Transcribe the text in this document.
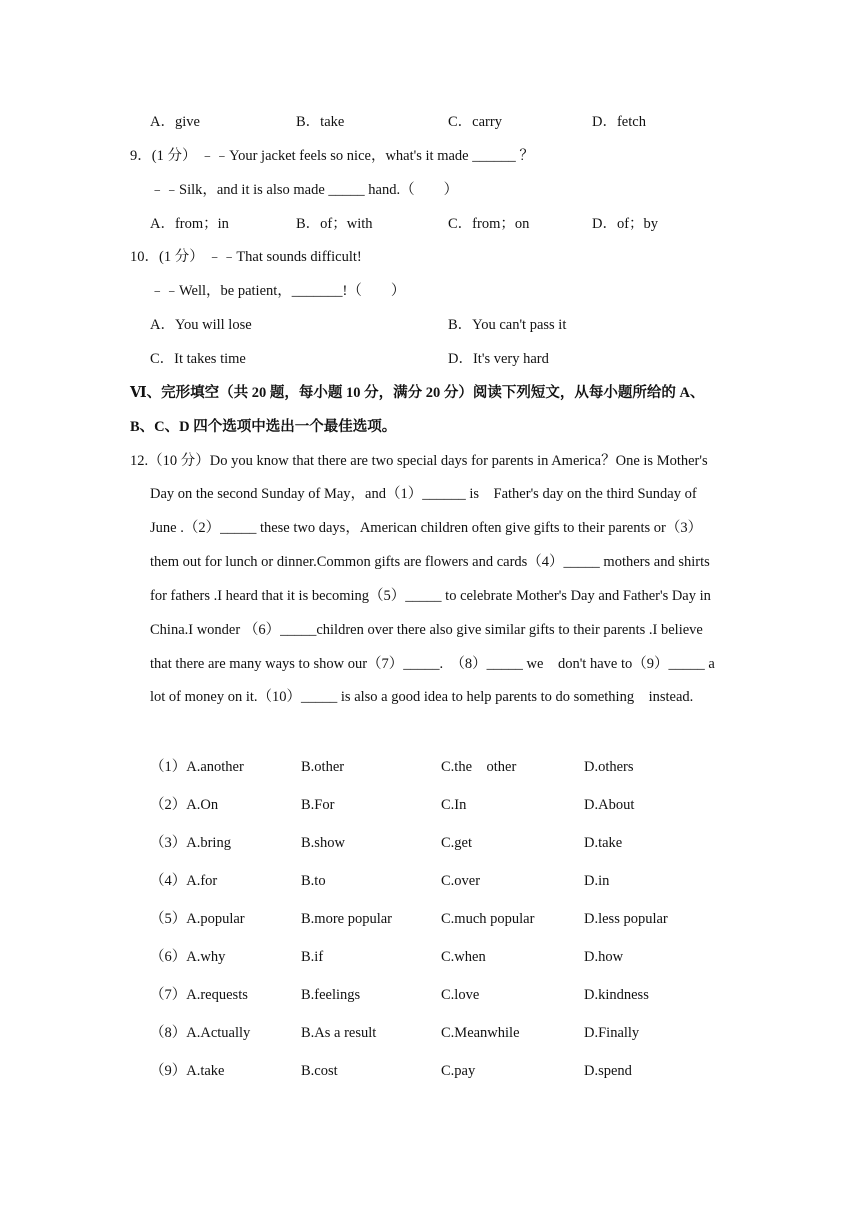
A．give	B．take	C．carry	D．fetch
9．(1 分） ﹣﹣Your jacket feels so nice，what's it made ______ ？
﹣﹣Silk，and it is also made _____ hand.（　　）
A．from；in	B．of；with	C．from；on	D．of；by
10．(1 分） ﹣﹣That sounds difficult!
﹣﹣Well，be patient，_______!（　　）
A．You will lose	B．You can't pass it
C．It takes time	D．It's very hard
Ⅵ、完形填空（共 20 题，每小题 10 分，满分 20 分）阅读下列短文，从每小题所给的 A、
B、C、D 四个选项中选出一个最佳选项。
12.（10 分）Do you know that there are two special days for parents in America？One is Mother's
Day on the second Sunday of May，and（1）______ is　Father's day on the third Sunday of
June .（2）_____ these two days，American children often give gifts to their parents or（3）
them out for lunch or dinner.Common gifts are flowers and cards（4）_____ mothers and shirts
for fathers .I heard that it is becoming（5）_____ to celebrate Mother's Day and Father's Day in
China.I wonder （6）_____children over there also give similar gifts to their parents .I believe
that there are many ways to show our（7）_____.　（8）_____ we　don't have to（9）_____ a
lot of money on it.（10）_____ is also a good idea to help parents to do something　instead.
（1）A.another	B.other	C.the　other	D.others
（2）A.On	B.For	C.In	D.About
（3）A.bring	B.show	C.get	D.take
（4）A.for	B.to	C.over	D.in
（5）A.popular	B.more popular	C.much popular	D.less popular
（6）A.why	B.if	C.when	D.how
（7）A.requests	B.feelings	C.love	D.kindness
（8）A.Actually	B.As a result	C.Meanwhile	D.Finally
（9）A.take	B.cost	C.pay	D.spend
